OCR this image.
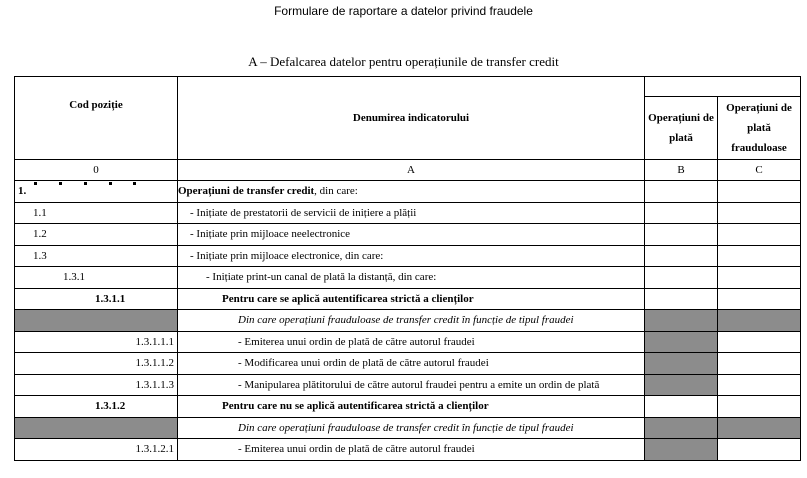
Formulare de raportare a datelor privind fraudele
A – Defalcarea datelor pentru operațiunile de transfer credit
Cod poziție	Denumirea indicatorului		
		Operațiuni de plată	Operațiuni de plată frauduloase
0	A	B	C
1.	Operațiuni de transfer credit, din care:		
1.1	- Inițiate de prestatorii de servicii de inițiere a plății		
1.2	- Inițiate prin mijloace neelectronice		
1.3	- Inițiate prin mijloace electronice, din care:		
1.3.1	- Inițiate print-un canal de plată la distanță, din care:		
1.3.1.1	Pentru care se aplică autentificarea strictă a clienților		
	Din care operațiuni frauduloase de transfer credit în funcție de tipul fraudei		
1.3.1.1.1	- Emiterea unui ordin de plată de către autorul fraudei		
1.3.1.1.2	- Modificarea unui ordin de plată de către autorul fraudei		
1.3.1.1.3	- Manipularea plătitorului de către autorul fraudei pentru a emite un ordin de plată		
1.3.1.2	Pentru care nu se aplică autentificarea strictă a clienților		
	Din care operațiuni frauduloase de transfer credit în funcție de tipul fraudei		
1.3.1.2.1	- Emiterea unui ordin de plată de către autorul fraudei		
